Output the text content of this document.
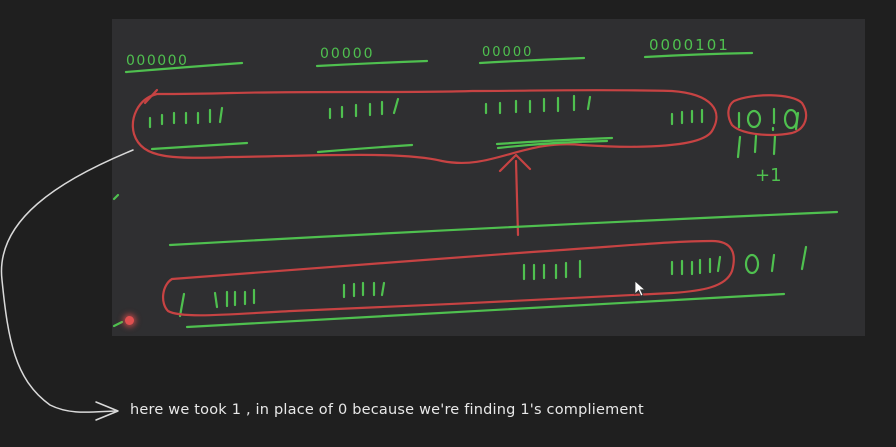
000000	00000	00000	0000101
+1
here we took 1 , in place of 0 because we're finding 1's compliement
